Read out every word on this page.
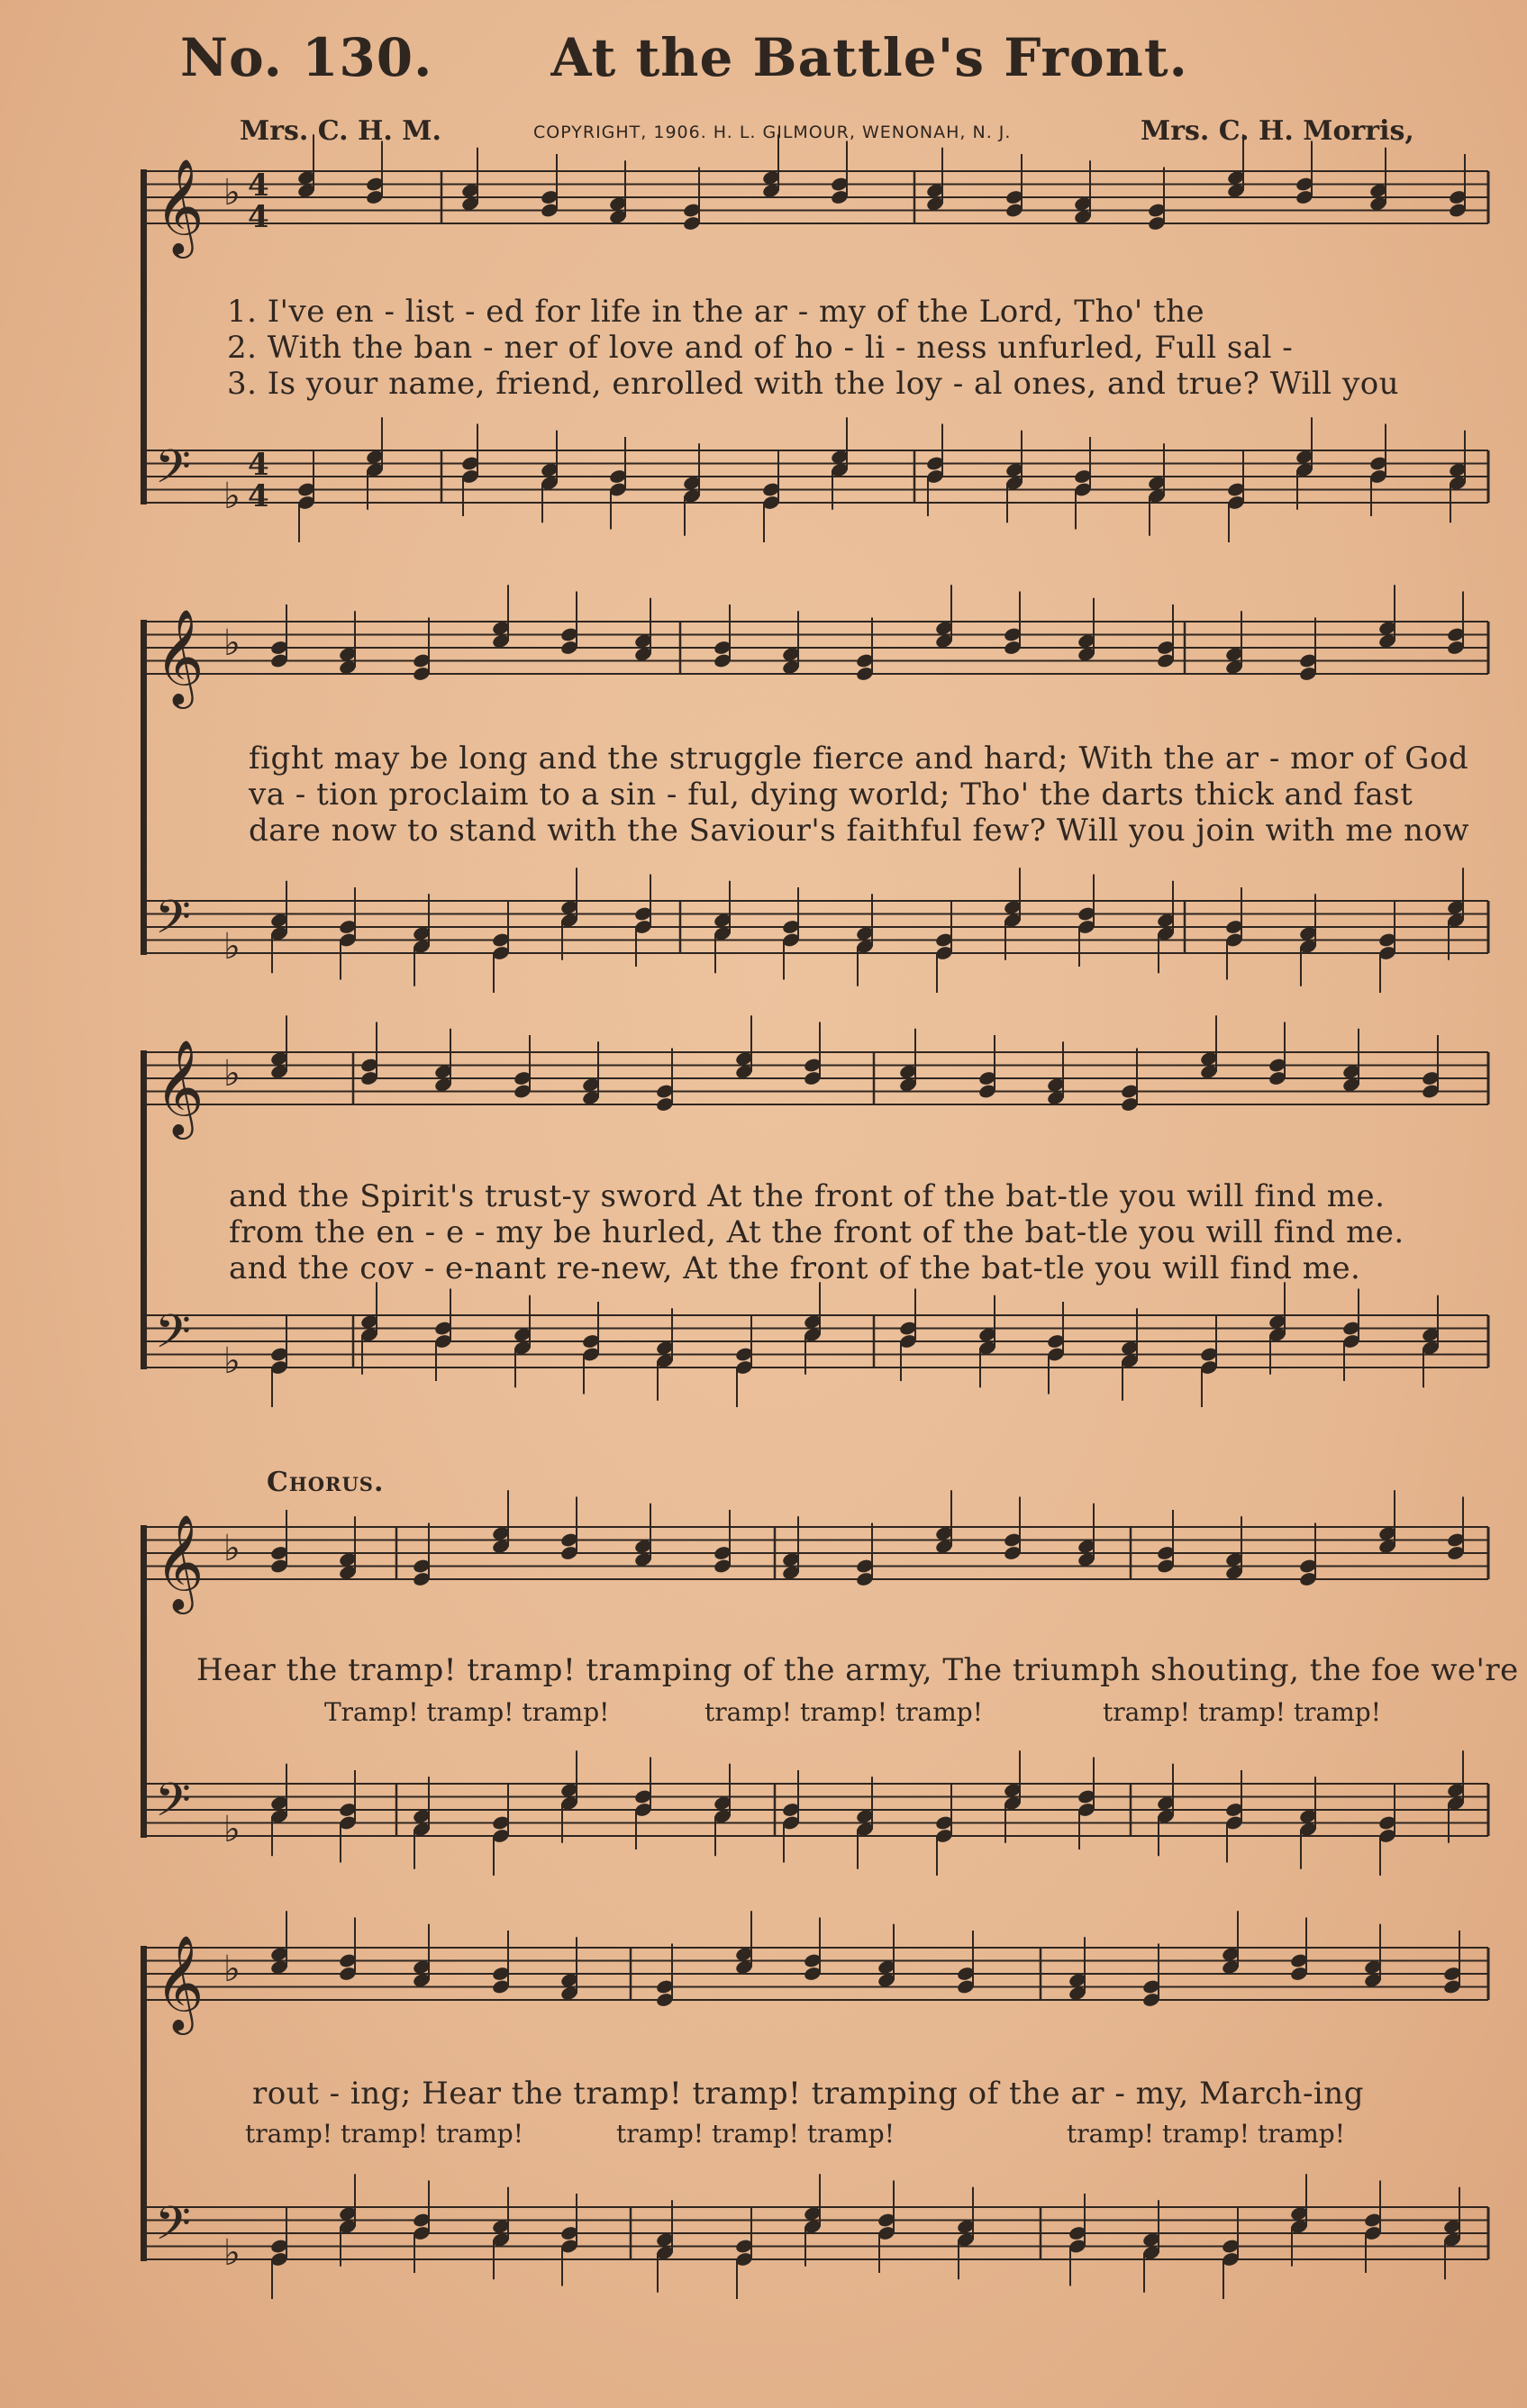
No. 130. At the Battle's Front.
Mrs. C. H. M.	COPYRIGHT, 1906. H. L. GILMOUR, WENONAH, N. J.	Mrs. C. H. Morris,
𝄞 ♭ 4
4
𝄢 ♭
4
4
𝄞 ♭
𝄢 ♭
𝄞 ♭
𝄢 ♭
𝄞 ♭
𝄢 ♭
𝄞 ♭
𝄢 ♭
1. I've en - list - ed for life in the ar - my of the Lord, Tho' the
2. With the ban - ner of love and of ho - li - ness unfurled, Full sal -
3. Is your name, friend, enrolled with the loy - al ones, and true? Will you
fight may be long and the struggle fierce and hard; With the ar - mor of God
va - tion proclaim to a sin - ful, dying world; Tho' the darts thick and fast
dare now to stand with the Saviour's faithful few? Will you join with me now
and the Spirit's trust-y sword At the front of the bat-tle you will find me.
from the en - e - my be hurled, At the front of the bat-tle you will find me.
and the cov - e-nant re-new, At the front of the bat-tle you will find me.
Chorus.
Hear the tramp! tramp! tramping of the army, The triumph shouting, the foe we're
Tramp! tramp! tramp!	tramp! tramp! tramp!	tramp! tramp! tramp!
rout - ing; Hear the tramp! tramp! tramping of the ar - my, March-ing
tramp! tramp! tramp!	tramp! tramp! tramp!	tramp! tramp! tramp!
